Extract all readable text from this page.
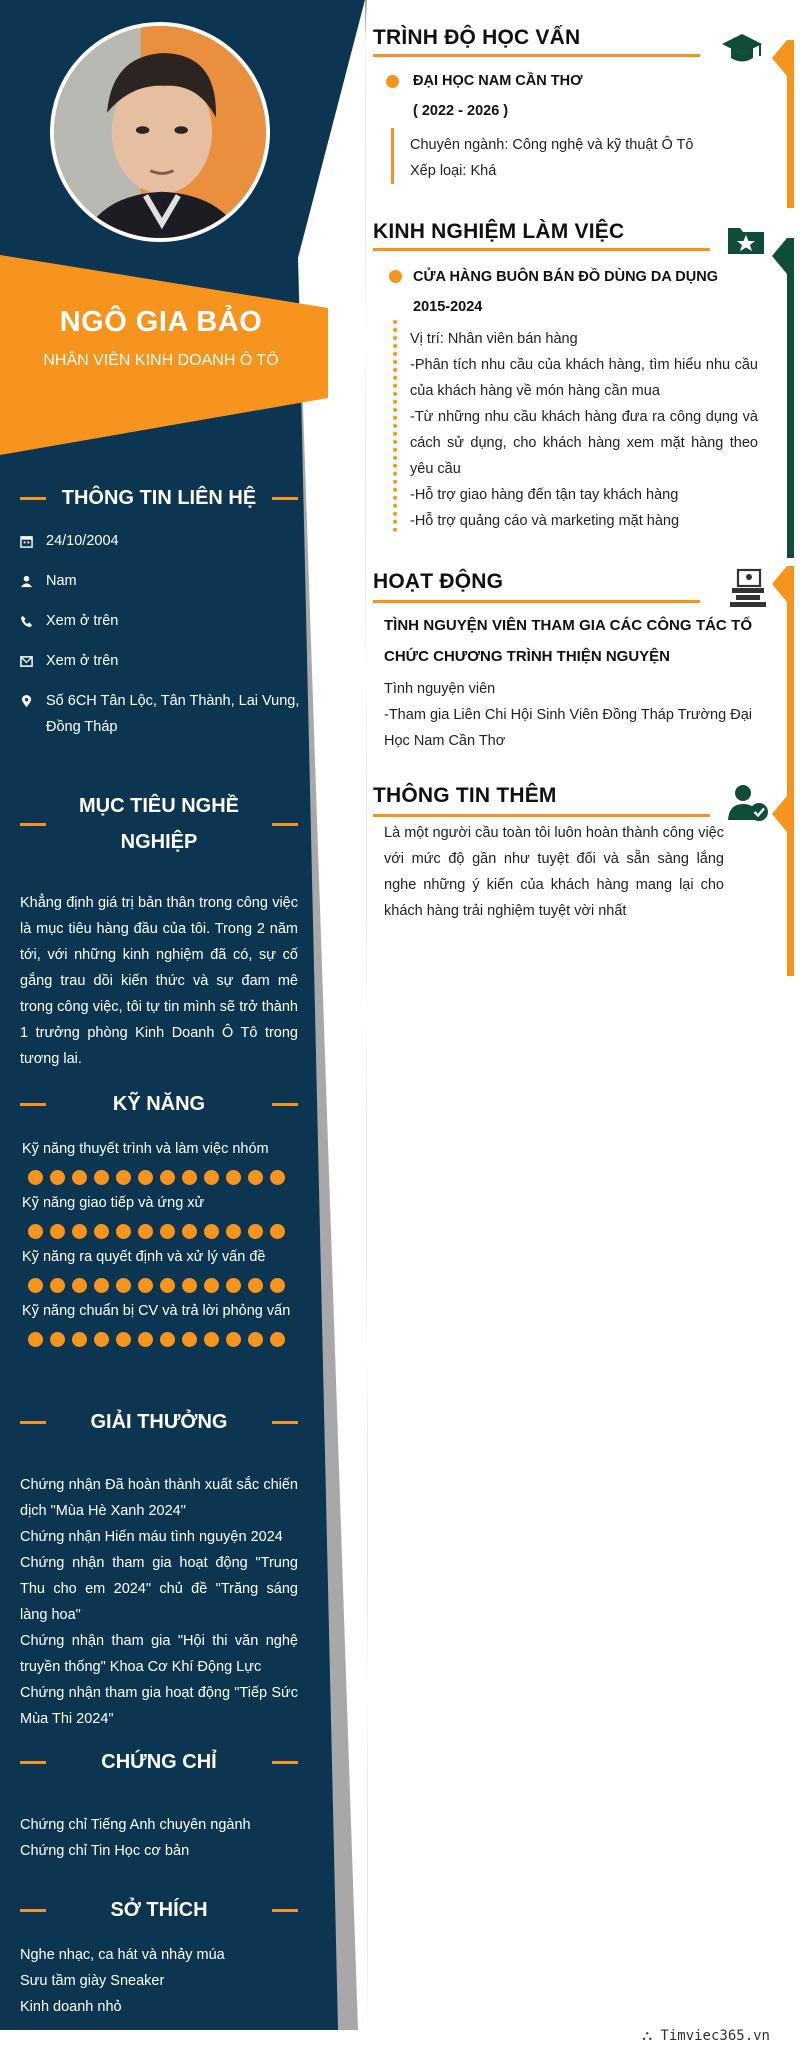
NGÔ GIA BẢO
NHÂN VIÊN KINH DOANH Ô TÔ
THÔNG TIN LIÊN HỆ
24/10/2004
Nam
Xem ở trên
Xem ở trên
Số 6CH Tân Lộc, Tân Thành, Lai Vung, Đồng Tháp
MỤC TIÊU NGHỀ
NGHIỆP
Khẳng định giá trị bản thân trong công việc là mục tiêu hàng đầu của tôi. Trong 2 năm tới, với những kinh nghiệm đã có, sự cố gắng trau dồi kiến thức và sự đam mê trong công việc, tôi tự tin mình sẽ trở thành 1 trưởng phòng Kinh Doanh Ô Tô trong tương lai.
KỸ NĂNG
Kỹ năng thuyết trình và làm việc nhóm
Kỹ năng giao tiếp và ứng xử
Kỹ năng ra quyết định và xử lý vấn đề
Kỹ năng chuẩn bị CV và trả lời phỏng vấn
GIẢI THƯỞNG
Chứng nhận Đã hoàn thành xuất sắc chiến dịch "Mùa Hè Xanh 2024"
Chứng nhận Hiến máu tình nguyện 2024
Chứng nhận tham gia hoạt động "Trung Thu cho em 2024" chủ đề "Trăng sáng làng hoa"
Chứng nhận tham gia "Hội thi văn nghệ truyền thống" Khoa Cơ Khí Động Lực
Chứng nhận tham gia hoạt động "Tiếp Sức Mùa Thi 2024"
CHỨNG CHỈ
Chứng chỉ Tiếng Anh chuyên ngành
Chứng chỉ Tin Học cơ bản
SỞ THÍCH
Nghe nhạc, ca hát và nhảy múa
Sưu tầm giày Sneaker
Kinh doanh nhỏ
TRÌNH ĐỘ HỌC VẤN
ĐẠI HỌC NAM CẦN THƠ
( 2022 - 2026 )
Chuyên ngành: Công nghệ và kỹ thuật Ô Tô
Xếp loại: Khá
KINH NGHIỆM LÀM VIỆC
CỬA HÀNG BUÔN BÁN ĐỒ DÙNG DA DỤNG
2015-2024
Vị trí: Nhân viên bán hàng
-Phân tích nhu cầu của khách hàng, tìm hiểu nhu cầu của khách hàng về món hàng cần mua
-Từ những nhu cầu khách hàng đưa ra công dụng và cách sử dụng, cho khách hàng xem mặt hàng theo yêu cầu
-Hỗ trợ giao hàng đến tận tay khách hàng
-Hỗ trợ quảng cáo và marketing mặt hàng
HOẠT ĐỘNG
TÌNH NGUYỆN VIÊN THAM GIA CÁC CÔNG TÁC TỔ CHỨC CHƯƠNG TRÌNH THIỆN NGUYỆN
Tình nguyện viên
-Tham gia Liên Chi Hội Sinh Viên Đồng Tháp Trường Đại Học Nam Cần Thơ
THÔNG TIN THÊM
Là một người cầu toàn tôi luôn hoàn thành công việc với mức độ gần như tuyệt đối và sẵn sàng lắng nghe những ý kiến của khách hàng mang lại cho khách hàng trải nghiệm tuyệt vời nhất
⛬ Timviec365.vn
